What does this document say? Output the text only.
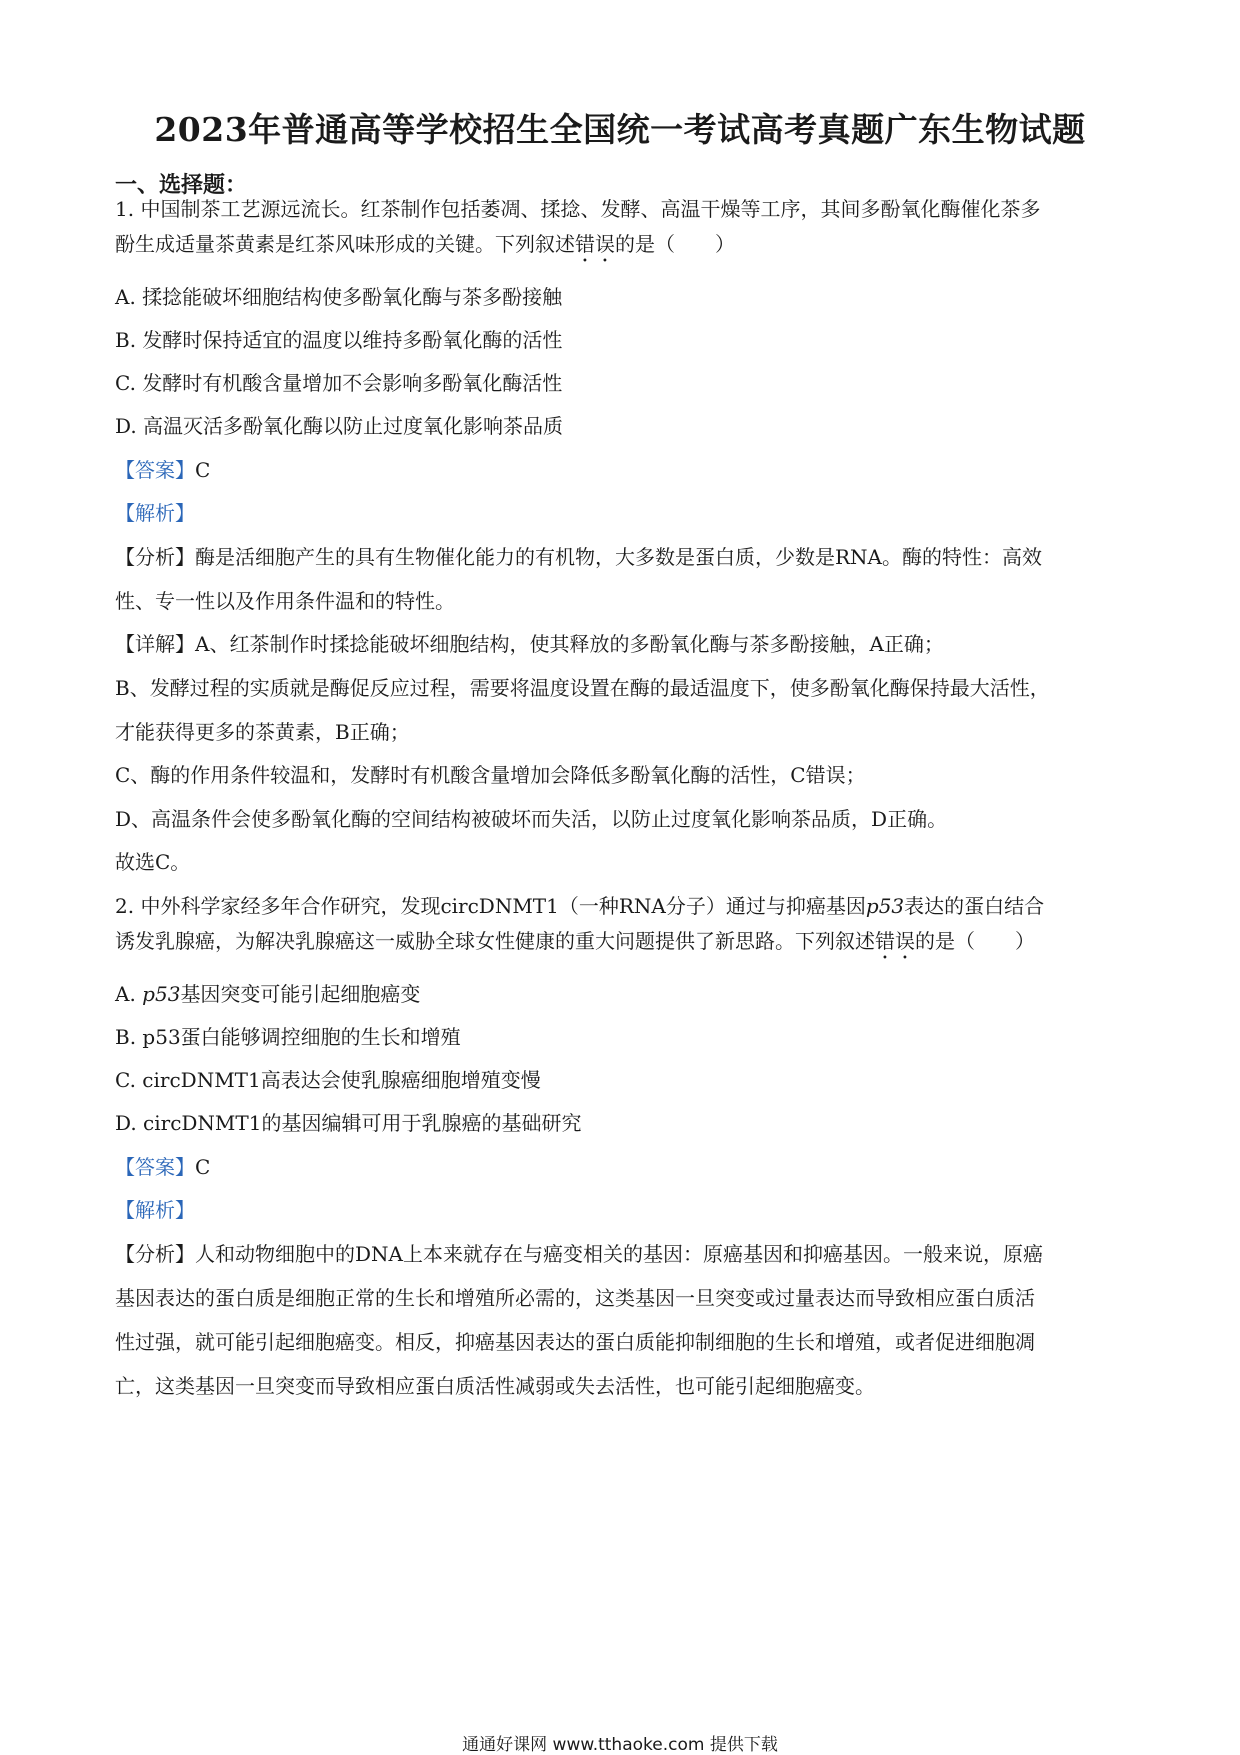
2023年普通高等学校招生全国统一考试高考真题广东生物试题
一、选择题：
1. 中国制茶工艺源远流长。红茶制作包括萎凋、揉捻、发酵、高温干燥等工序，其间多酚氧化酶催化茶多
酚生成适量茶黄素是红茶风味形成的关键。下列叙述错误的是（　　）
A. 揉捻能破坏细胞结构使多酚氧化酶与茶多酚接触
B. 发酵时保持适宜的温度以维持多酚氧化酶的活性
C. 发酵时有机酸含量增加不会影响多酚氧化酶活性
D. 高温灭活多酚氧化酶以防止过度氧化影响茶品质
【答案】C
【解析】
【分析】酶是活细胞产生的具有生物催化能力的有机物，大多数是蛋白质，少数是RNA。酶的特性：高效
性、专一性以及作用条件温和的特性。
【详解】A、红茶制作时揉捻能破坏细胞结构，使其释放的多酚氧化酶与茶多酚接触，A正确；
B、发酵过程的实质就是酶促反应过程，需要将温度设置在酶的最适温度下，使多酚氧化酶保持最大活性，
才能获得更多的茶黄素，B正确；
C、酶的作用条件较温和，发酵时有机酸含量增加会降低多酚氧化酶的活性，C错误；
D、高温条件会使多酚氧化酶的空间结构被破坏而失活，以防止过度氧化影响茶品质，D正确。
故选C。
2. 中外科学家经多年合作研究，发现circDNMT1（一种RNA分子）通过与抑癌基因p53表达的蛋白结合
诱发乳腺癌，为解决乳腺癌这一威胁全球女性健康的重大问题提供了新思路。下列叙述错误的是（　　）
A. p53基因突变可能引起细胞癌变
B. p53蛋白能够调控细胞的生长和增殖
C. circDNMT1高表达会使乳腺癌细胞增殖变慢
D. circDNMT1的基因编辑可用于乳腺癌的基础研究
【答案】C
【解析】
【分析】人和动物细胞中的DNA上本来就存在与癌变相关的基因：原癌基因和抑癌基因。一般来说，原癌
基因表达的蛋白质是细胞正常的生长和增殖所必需的，这类基因一旦突变或过量表达而导致相应蛋白质活
性过强，就可能引起细胞癌变。相反，抑癌基因表达的蛋白质能抑制细胞的生长和增殖，或者促进细胞凋
亡，这类基因一旦突变而导致相应蛋白质活性减弱或失去活性，也可能引起细胞癌变。
通通好课网 www.tthaoke.com 提供下载
